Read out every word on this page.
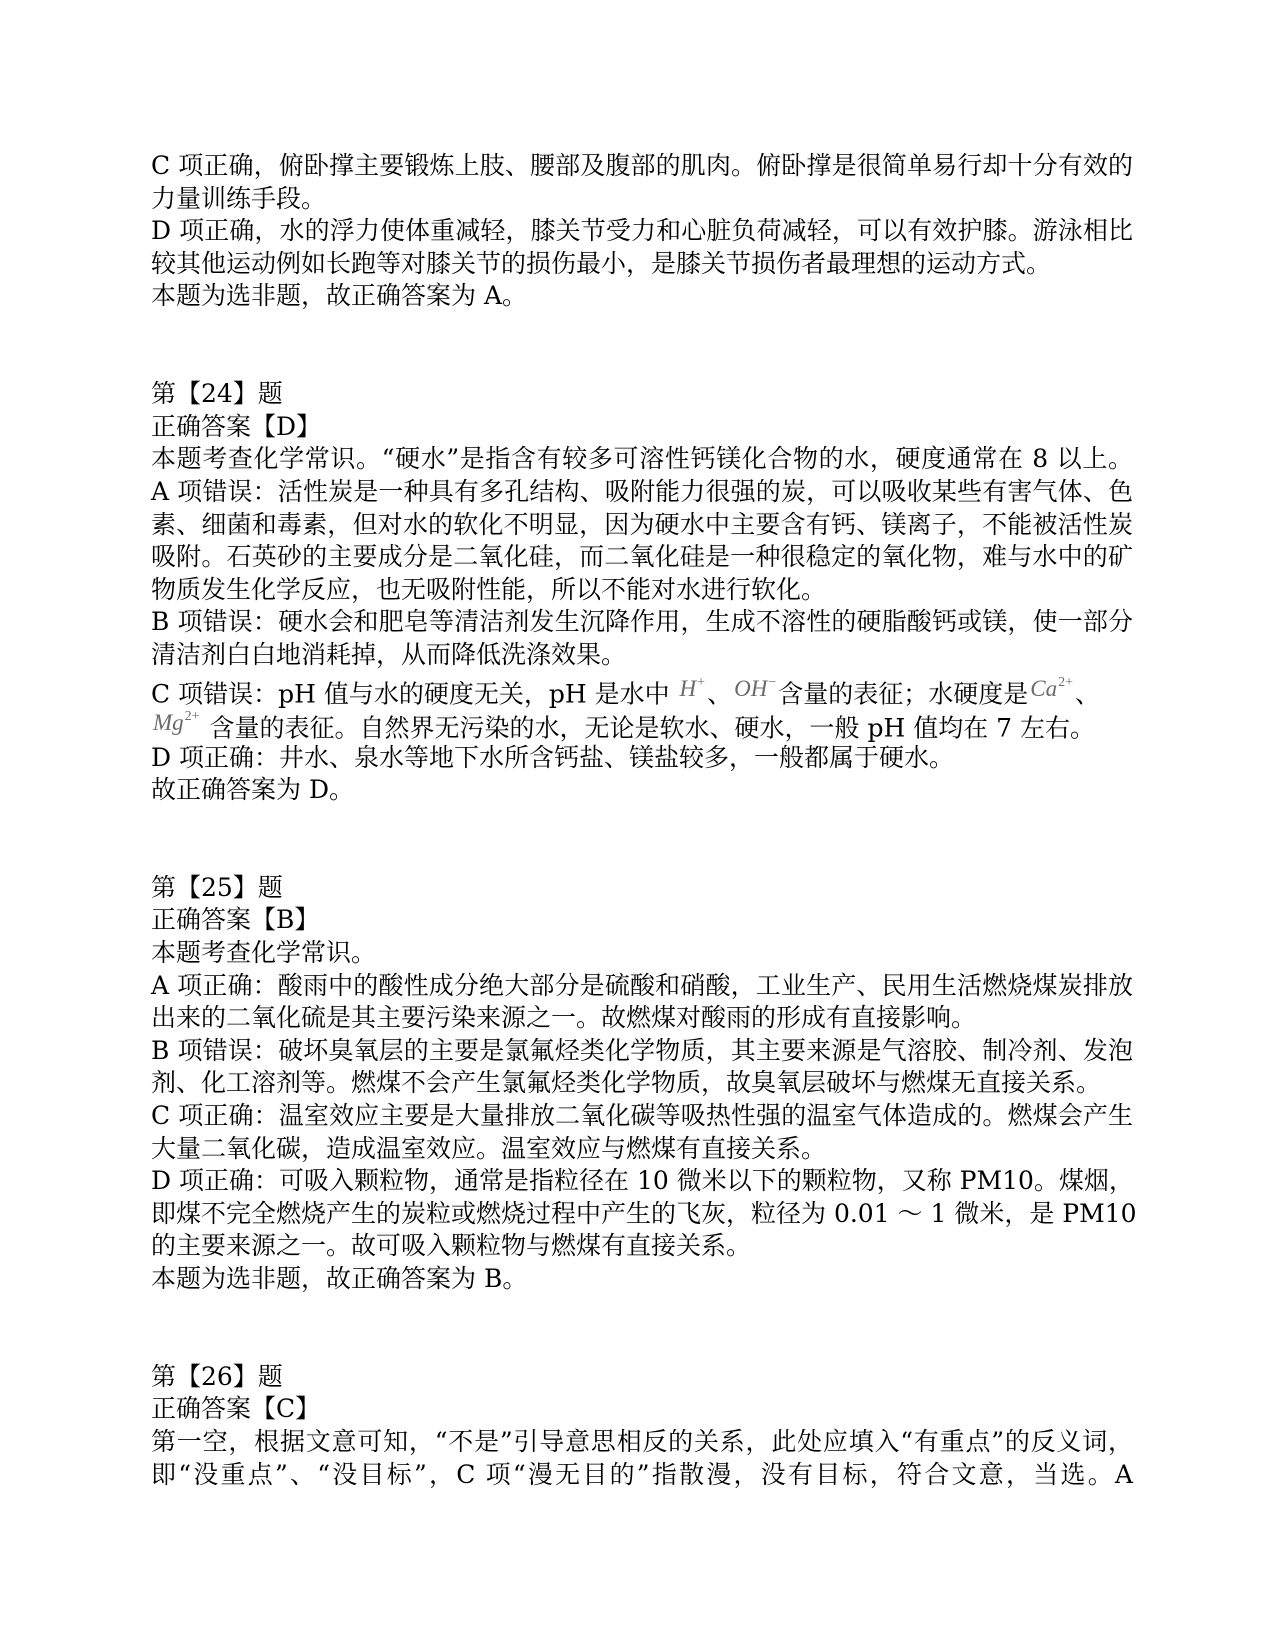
C 项正确，俯卧撑主要锻炼上肢、腰部及腹部的肌肉。俯卧撑是很简单易行却十分有效的
力量训练手段。
D 项正确，水的浮力使体重减轻，膝关节受力和心脏负荷减轻，可以有效护膝。游泳相比
较其他运动例如长跑等对膝关节的损伤最小，是膝关节损伤者最理想的运动方式。
本题为选非题，故正确答案为 A。
第【24】题
正确答案【D】
本题考查化学常识。“硬水”是指含有较多可溶性钙镁化合物的水，硬度通常在 8 以上。
A 项错误：活性炭是一种具有多孔结构、吸附能力很强的炭，可以吸收某些有害气体、色
素、细菌和毒素，但对水的软化不明显，因为硬水中主要含有钙、镁离子，不能被活性炭
吸附。石英砂的主要成分是二氧化硅，而二氧化硅是一种很稳定的氧化物，难与水中的矿
物质发生化学反应，也无吸附性能，所以不能对水进行软化。
B 项错误：硬水会和肥皂等清洁剂发生沉降作用，生成不溶性的硬脂酸钙或镁，使一部分
清洁剂白白地消耗掉，从而降低洗涤效果。
C 项错误：pH 值与水的硬度无关，pH 是水中 H+、OH−含量的表征；水硬度是$Ca^{2+}$、
$Mg^{2+}$ 含量的表征。自然界无污染的水，无论是软水、硬水，一般 pH 值均在 7 左右。
D 项正确：井水、泉水等地下水所含钙盐、镁盐较多，一般都属于硬水。
故正确答案为 D。
第【25】题
正确答案【B】
本题考查化学常识。
A 项正确：酸雨中的酸性成分绝大部分是硫酸和硝酸，工业生产、民用生活燃烧煤炭排放
出来的二氧化硫是其主要污染来源之一。故燃煤对酸雨的形成有直接影响。
B 项错误：破坏臭氧层的主要是氯氟烃类化学物质，其主要来源是气溶胶、制冷剂、发泡
剂、化工溶剂等。燃煤不会产生氯氟烃类化学物质，故臭氧层破坏与燃煤无直接关系。
C 项正确：温室效应主要是大量排放二氧化碳等吸热性强的温室气体造成的。燃煤会产生
大量二氧化碳，造成温室效应。温室效应与燃煤有直接关系。
D 项正确：可吸入颗粒物，通常是指粒径在 10 微米以下的颗粒物，又称 PM10。煤烟，
即煤不完全燃烧产生的炭粒或燃烧过程中产生的飞灰，粒径为 0.01 ～ 1 微米，是 PM10
的主要来源之一。故可吸入颗粒物与燃煤有直接关系。
本题为选非题，故正确答案为 B。
第【26】题
正确答案【C】
第一空，根据文意可知，“不是”引导意思相反的关系，此处应填入“有重点”的反义词，
即“没重点”、“没目标”，C 项“漫无目的”指散漫，没有目标，符合文意，当选。A
